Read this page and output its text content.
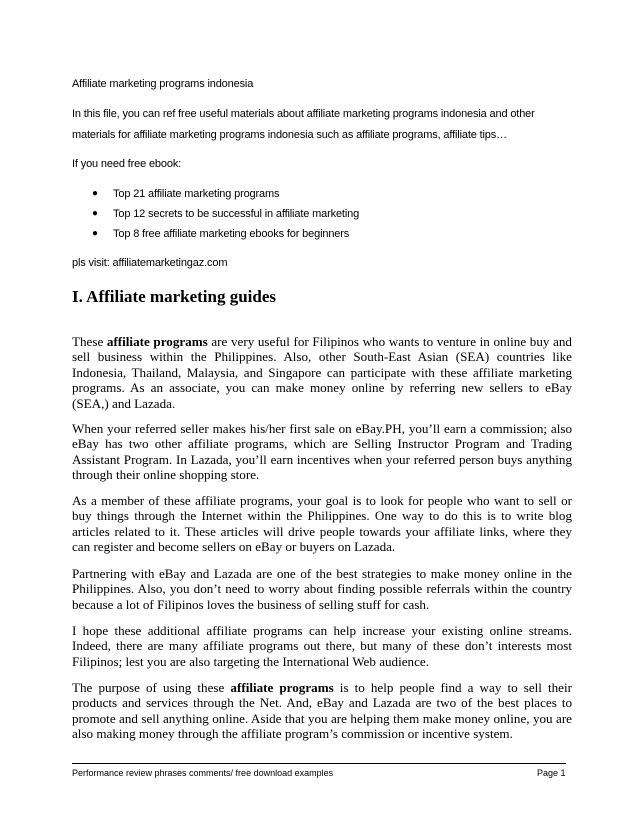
Affiliate marketing programs indonesia
In this file, you can ref free useful materials about affiliate marketing programs indonesia and other
materials for affiliate marketing programs indonesia such as affiliate programs, affiliate tips…
If you need free ebook:
● Top 21 affiliate marketing programs
● Top 12 secrets to be successful in affiliate marketing
● Top 8 free affiliate marketing ebooks for beginners
pls visit: affiliatemarketingaz.com
I. Affiliate marketing guides
These affiliate programs are very useful for Filipinos who wants to venture in online buy and sell business within the Philippines. Also, other South-East Asian (SEA) countries like Indonesia, Thailand, Malaysia, and Singapore can participate with these affiliate marketing programs. As an associate, you can make money online by referring new sellers to eBay (SEA,) and Lazada.
When your referred seller makes his/her first sale on eBay.PH, you’ll earn a commission; also eBay has two other affiliate programs, which are Selling Instructor Program and Trading Assistant Program. In Lazada, you’ll earn incentives when your referred person buys anything through their online shopping store.
As a member of these affiliate programs, your goal is to look for people who want to sell or buy things through the Internet within the Philippines. One way to do this is to write blog articles related to it. These articles will drive people towards your affiliate links, where they can register and become sellers on eBay or buyers on Lazada.
Partnering with eBay and Lazada are one of the best strategies to make money online in the Philippines. Also, you don’t need to worry about finding possible referrals within the country because a lot of Filipinos loves the business of selling stuff for cash.
I hope these additional affiliate programs can help increase your existing online streams. Indeed, there are many affiliate programs out there, but many of these don’t interests most Filipinos; lest you are also targeting the International Web audience.
The purpose of using these affiliate programs is to help people find a way to sell their products and services through the Net. And, eBay and Lazada are two of the best places to promote and sell anything online. Aside that you are helping them make money online, you are also making money through the affiliate program’s commission or incentive system.
Performance review phrases comments/ free download examples	Page 1
